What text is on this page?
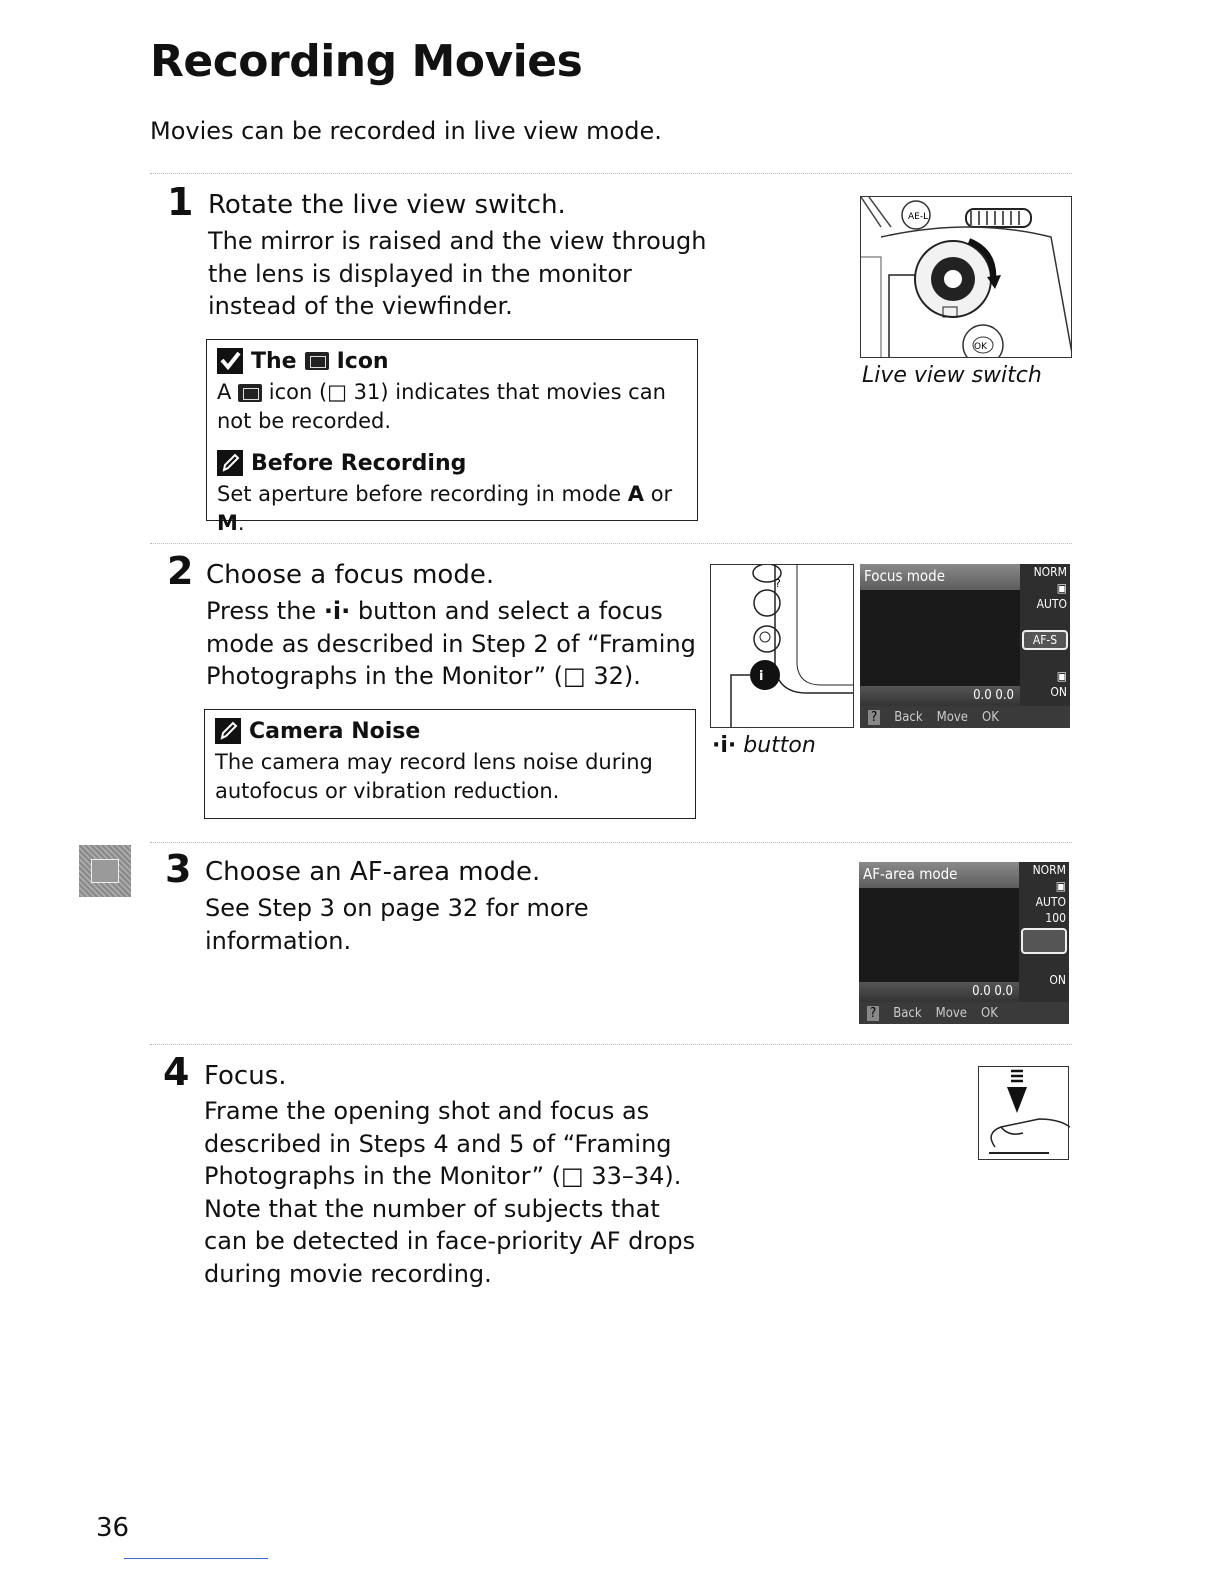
Recording Movies
Movies can be recorded in live view mode.
1 Rotate the live view switch.
The mirror is raised and the view through the lens is displayed in the monitor instead of the viewfinder.
The Icon
A icon (□ 31) indicates that movies can not be recorded.
Before Recording
Set aperture before recording in mode A or M.
AE-L
OK
Live view switch
2 Choose a focus mode.
Press the ·i· button and select a focus mode as described in Step 2 of “Framing Photographs in the Monitor” (□ 32).
Camera Noise
The camera may record lens noise during autofocus or vibration reduction.
?
i
·i· button
Focus mode	NORM
▣
AUTO
AF-S
▣
ON
0.0 0.0
? Back Move OK
3 Choose an AF-area mode.
See Step 3 on page 32 for more information.
AF-area mode	NORM
▣
AUTO
100
ON
0.0 0.0
? Back Move OK
4 Focus.
Frame the opening shot and focus as described in Steps 4 and 5 of “Framing Photographs in the Monitor” (□ 33–34). Note that the number of subjects that can be detected in face-priority AF drops during movie recording.
36
